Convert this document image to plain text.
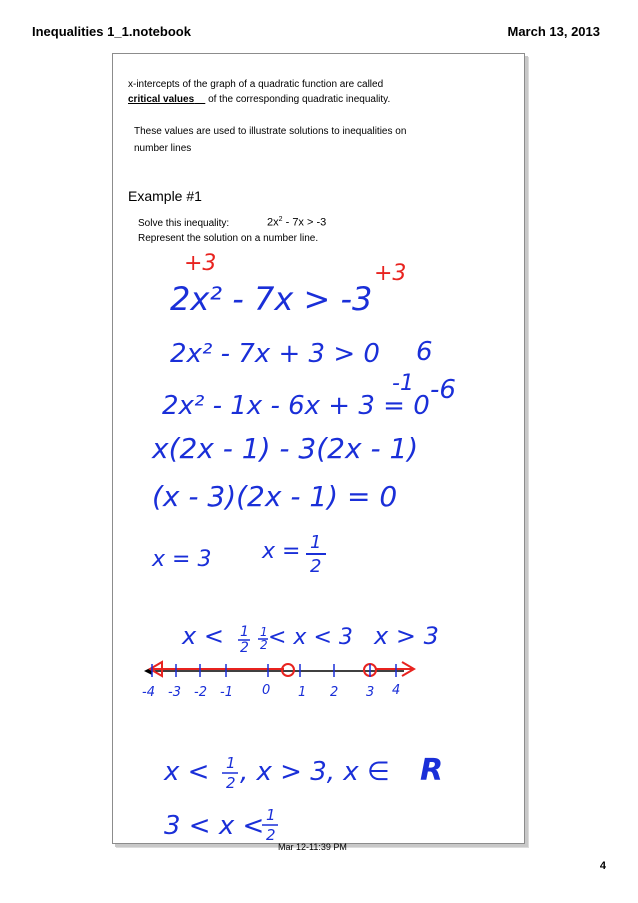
Inequalities 1_1.notebook	March 13, 2013
x-intercepts of the graph of a quadratic function are called
critical values of the corresponding quadratic inequality.
These values are used to illustrate solutions to inequalities on
number lines
Example #1
Solve this inequality:	$2x^2 - 7x > -3$
Represent the solution on a number line.
+3	+3
2x² - 7x > -3
2x² - 7x + 3 > 0 6
2x² - 1x - 6x + 3 = 0
-1 -6
x(2x - 1) - 3(2x - 1)
(x - 3)(2x - 1) = 0
x = 3 x = 1
2
x < 1
2
1
2 < x < 3 x > 3
-4 -3 -2 -1 0 1 2 3 4
x < 1
2 , x > 3, x ∈ R
3 < x < 1
2
Mar 12-11:39 PM
4
